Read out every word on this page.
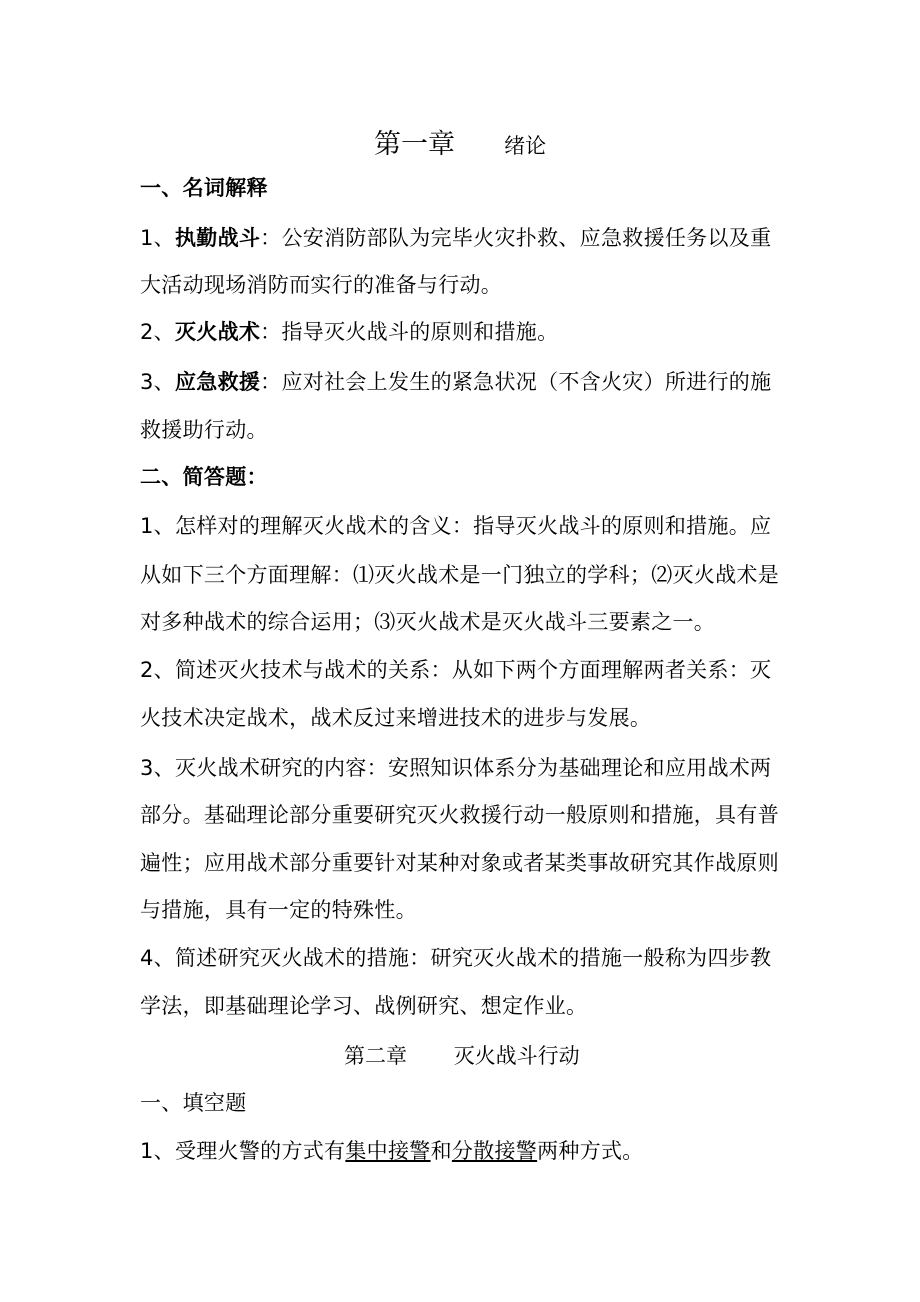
第一章 绪论
一、名词解释
1、执勤战斗：公安消防部队为完毕火灾扑救、应急救援任务以及重
大活动现场消防而实行的准备与行动。
2、灭火战术：指导灭火战斗的原则和措施。
3、应急救援：应对社会上发生的紧急状况（不含火灾）所进行的施
救援助行动。
二、简答题：
1、怎样对的理解灭火战术的含义：指导灭火战斗的原则和措施。应
从如下三个方面理解：⑴灭火战术是一门独立的学科；⑵灭火战术是
对多种战术的综合运用；⑶灭火战术是灭火战斗三要素之一。
2、简述灭火技术与战术的关系：从如下两个方面理解两者关系：灭
火技术决定战术，战术反过来增进技术的进步与发展。
3、灭火战术研究的内容：安照知识体系分为基础理论和应用战术两
部分。基础理论部分重要研究灭火救援行动一般原则和措施，具有普
遍性；应用战术部分重要针对某种对象或者某类事故研究其作战原则
与措施，具有一定的特殊性。
4、简述研究灭火战术的措施：研究灭火战术的措施一般称为四步教
学法，即基础理论学习、战例研究、想定作业。
第二章 灭火战斗行动
一、填空题
1、受理火警的方式有集中接警和分散接警两种方式。
